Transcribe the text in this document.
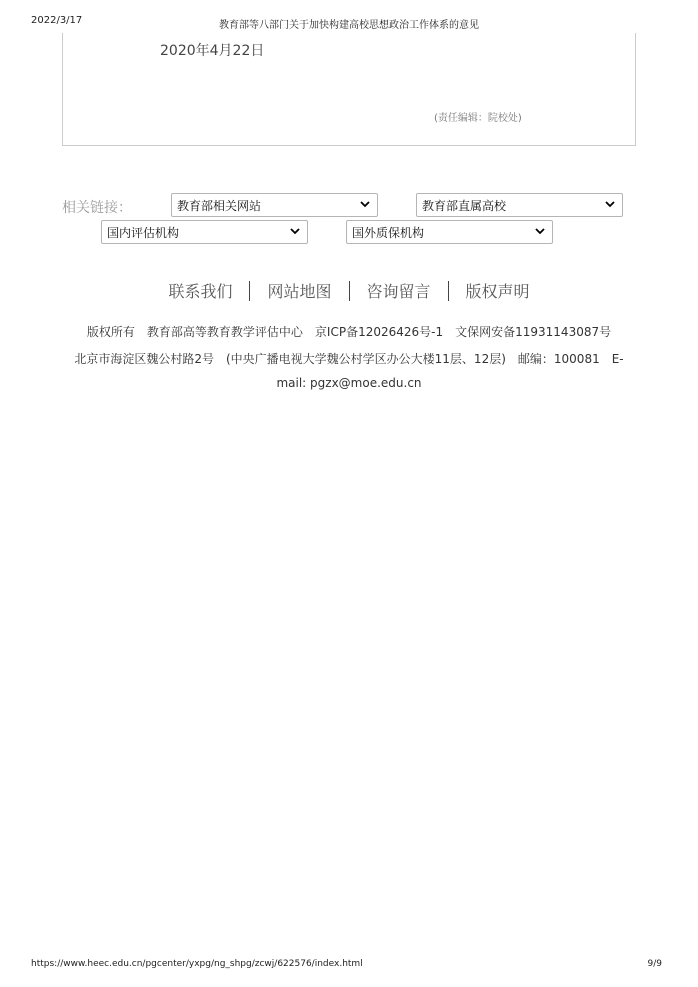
2022/3/17	教育部等八部门关于加快构建高校思想政治工作体系的意见
2020年4月22日
(责任编辑：院校处)
相关链接：	教育部相关网站	教育部直属高校
国内评估机构	国外质保机构
联系我们	网站地图	咨询留言	版权声明
版权所有 教育部高等教育教学评估中心 京ICP备12026426号-1 文保网安备11931143087号
北京市海淀区魏公村路2号 (中央广播电视大学魏公村学区办公大楼11层、12层) 邮编：100081 E-
mail: pgzx@moe.edu.cn
https://www.heec.edu.cn/pgcenter/yxpg/ng_shpg/zcwj/622576/index.html	9/9
